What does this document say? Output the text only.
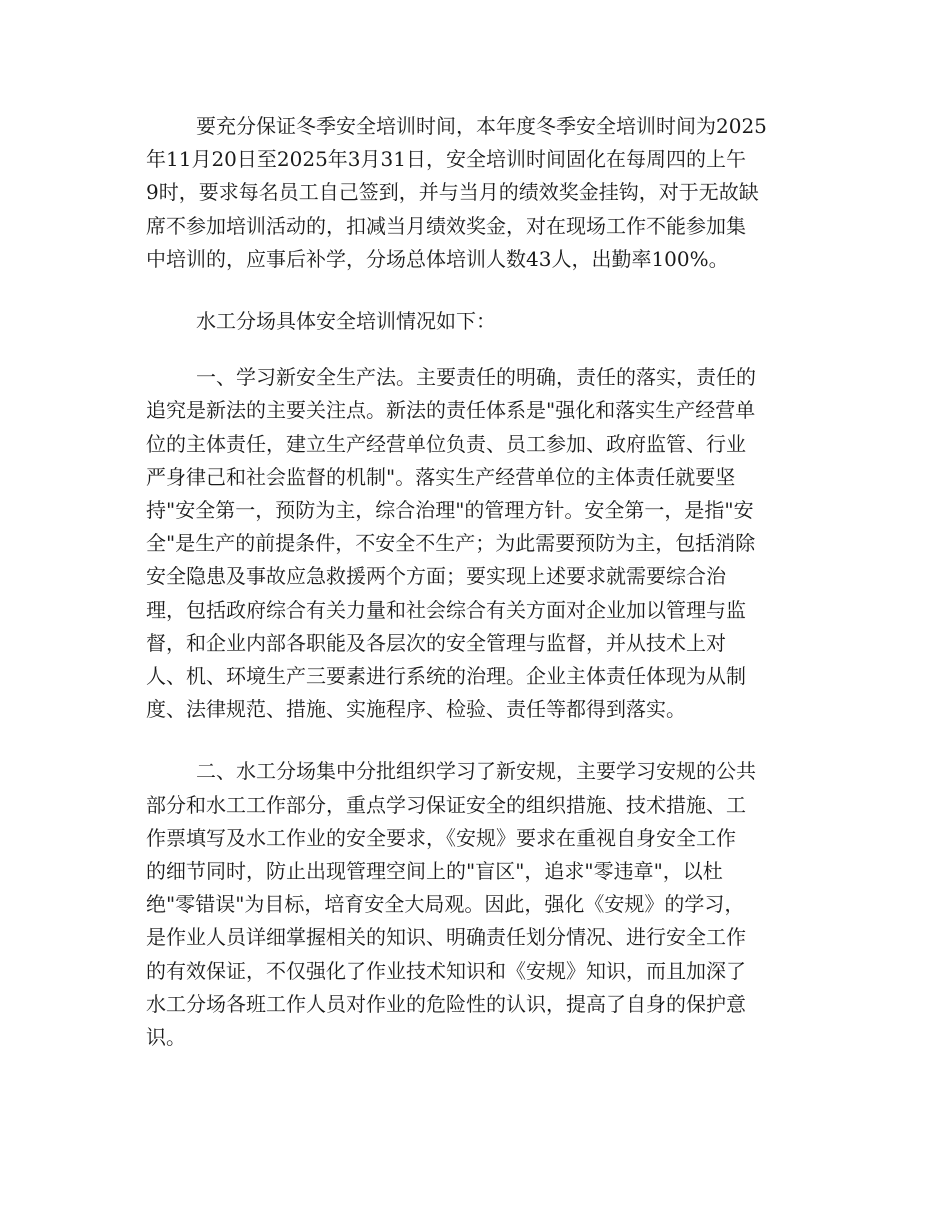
要充分保证冬季安全培训时间，本年度冬季安全培训时间为2025
年11月20日至2025年3月31日，安全培训时间固化在每周四的上午
9时，要求每名员工自己签到，并与当月的绩效奖金挂钩，对于无故缺
席不参加培训活动的，扣减当月绩效奖金，对在现场工作不能参加集
中培训的，应事后补学，分场总体培训人数43人，出勤率100%。
水工分场具体安全培训情况如下：
一、学习新安全生产法。主要责任的明确，责任的落实，责任的
追究是新法的主要关注点。新法的责任体系是"强化和落实生产经营单
位的主体责任，建立生产经营单位负责、员工参加、政府监管、行业
严身律己和社会监督的机制"。落实生产经营单位的主体责任就要坚
持"安全第一，预防为主，综合治理"的管理方针。安全第一，是指"安
全"是生产的前提条件，不安全不生产；为此需要预防为主，包括消除
安全隐患及事故应急救援两个方面；要实现上述要求就需要综合治
理，包括政府综合有关力量和社会综合有关方面对企业加以管理与监
督，和企业内部各职能及各层次的安全管理与监督，并从技术上对
人、机、环境生产三要素进行系统的治理。企业主体责任体现为从制
度、法律规范、措施、实施程序、检验、责任等都得到落实。
二、水工分场集中分批组织学习了新安规，主要学习安规的公共
部分和水工工作部分，重点学习保证安全的组织措施、技术措施、工
作票填写及水工作业的安全要求，《安规》要求在重视自身安全工作
的细节同时，防止出现管理空间上的"盲区"，追求"零违章"，以杜
绝"零错误"为目标，培育安全大局观。因此，强化《安规》的学习，
是作业人员详细掌握相关的知识、明确责任划分情况、进行安全工作
的有效保证，不仅强化了作业技术知识和《安规》知识，而且加深了
水工分场各班工作人员对作业的危险性的认识，提高了自身的保护意
识。
